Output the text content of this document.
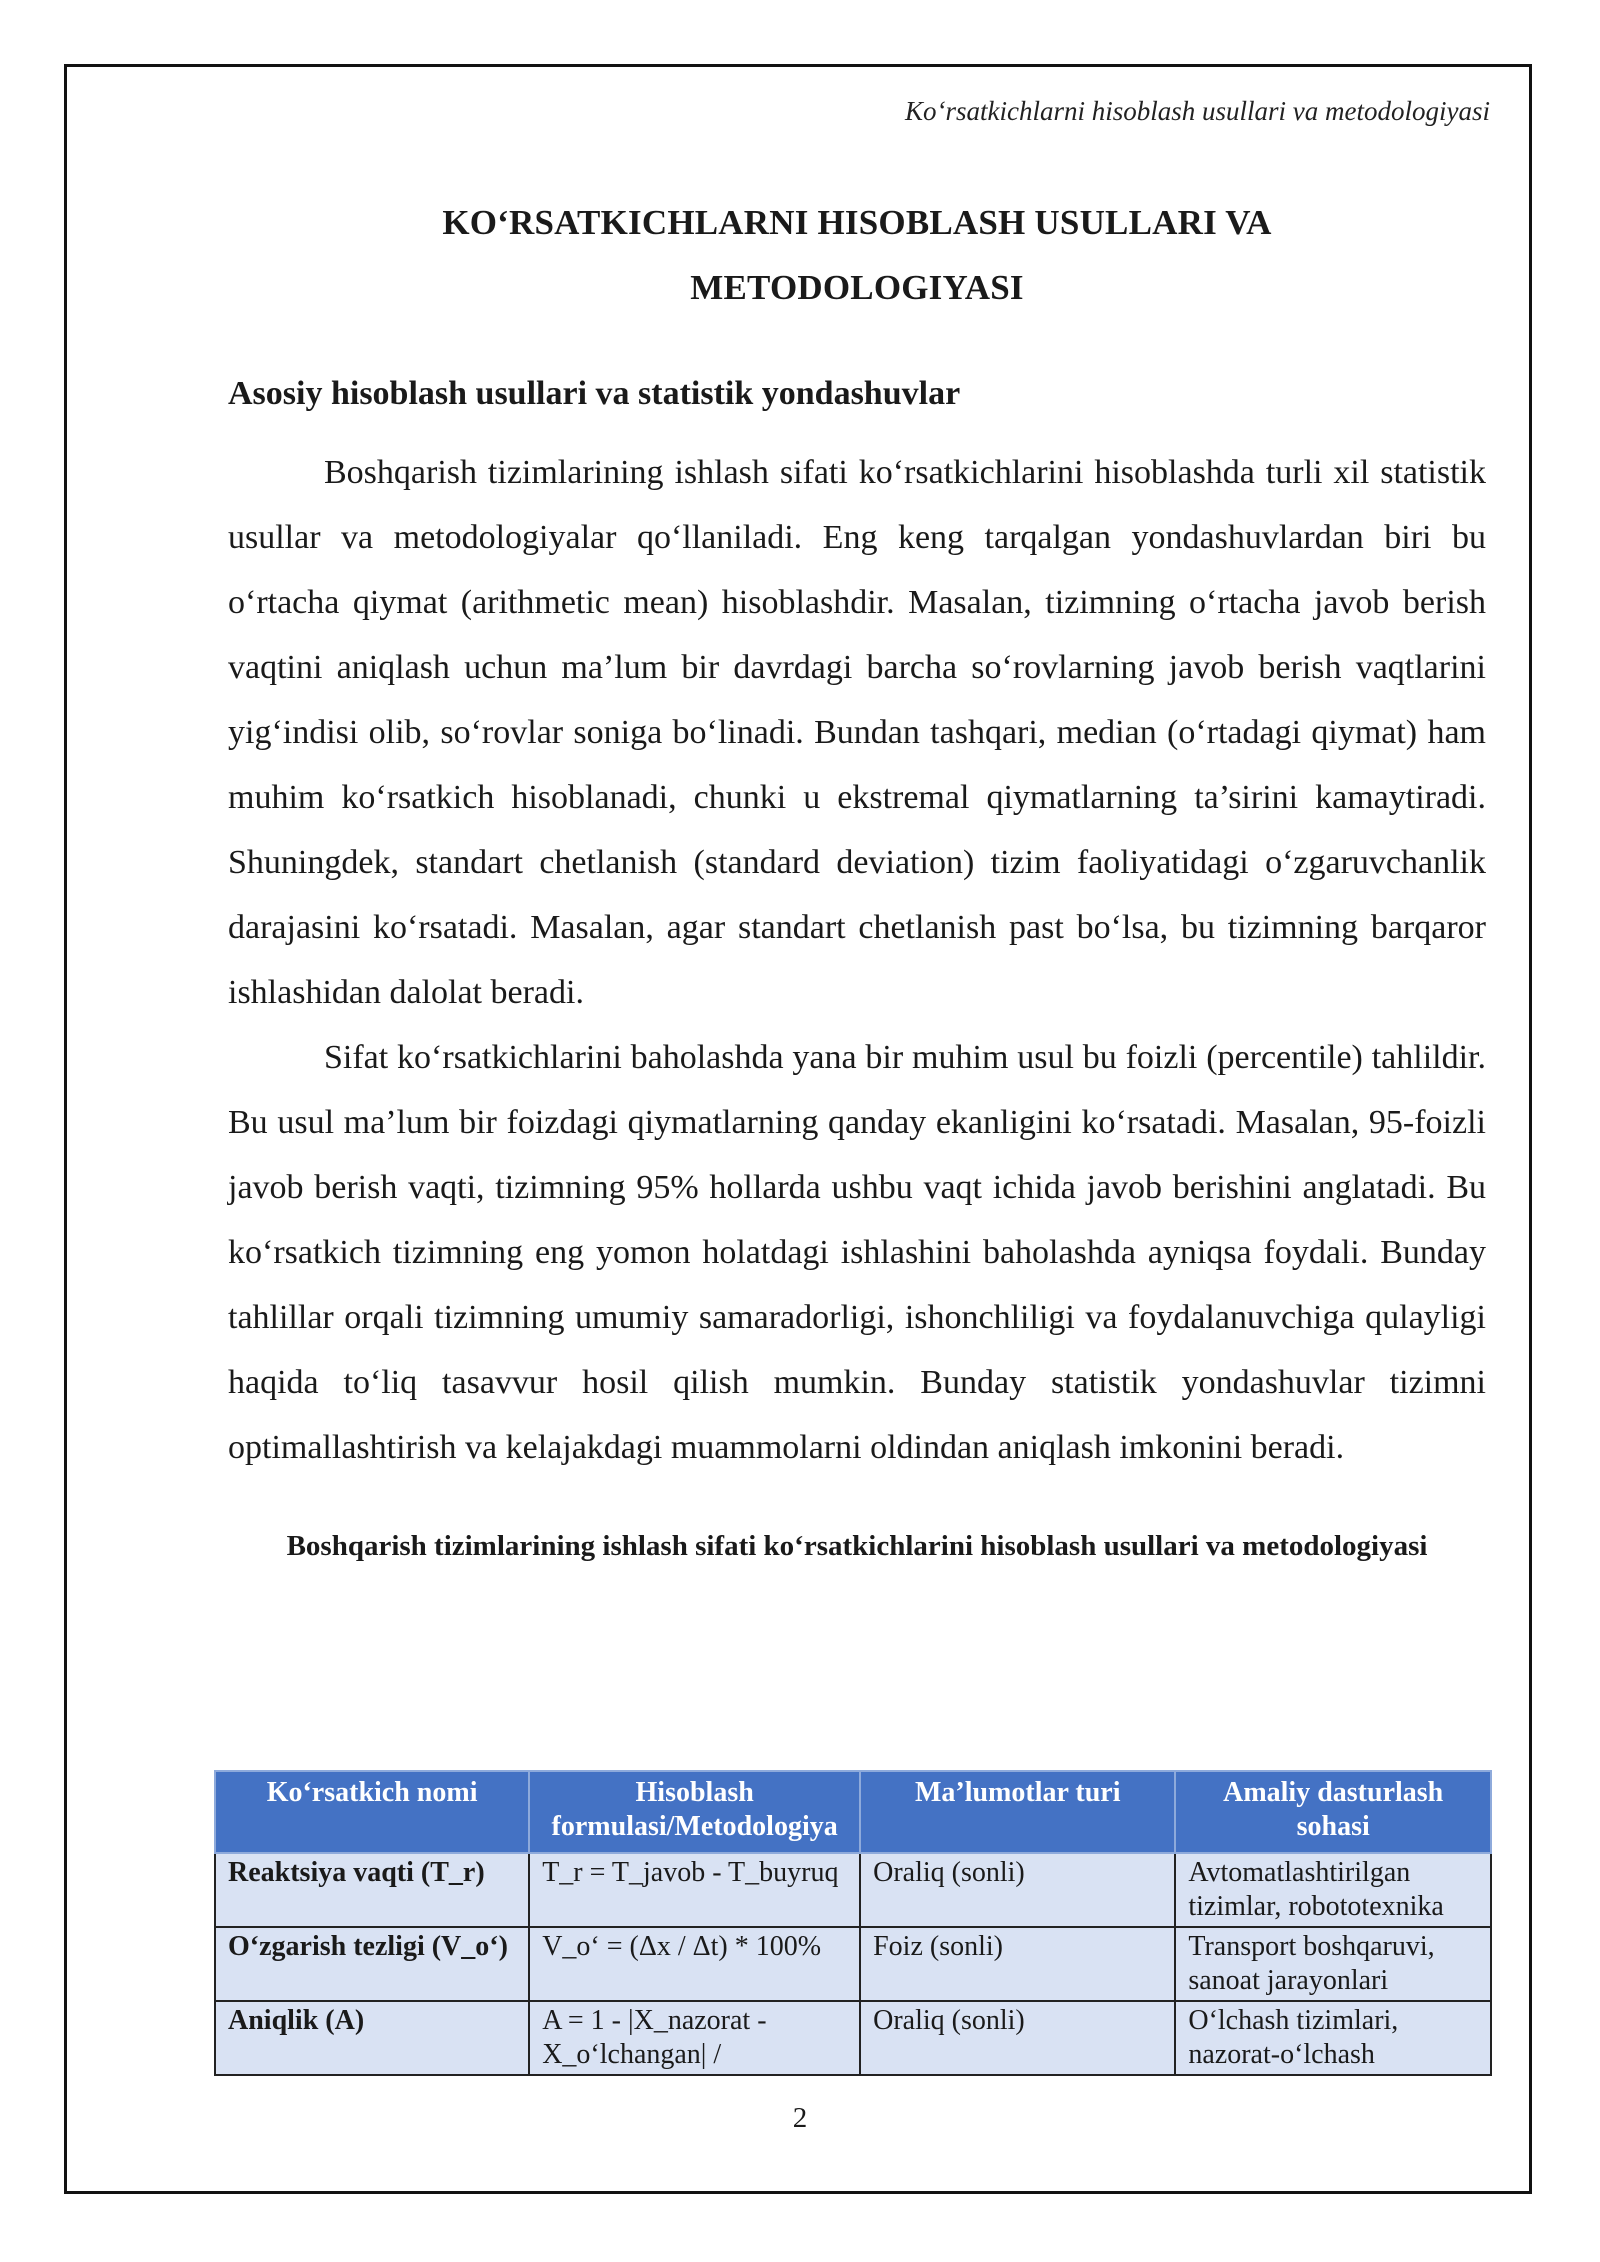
Ko‘rsatkichlarni hisoblash usullari va metodologiyasi
KO‘RSATKICHLARNI HISOBLASH USULLARI VA
METODOLOGIYASI
Asosiy hisoblash usullari va statistik yondashuvlar

Boshqarish tizimlarining ishlash sifati ko‘rsatkichlarini hisoblashda turli xil statistik usullar va metodologiyalar qo‘llaniladi. Eng keng tarqalgan yondashuvlardan biri bu o‘rtacha qiymat (arithmetic mean) hisoblashdir. Masalan, tizimning o‘rtacha javob berish vaqtini aniqlash uchun ma’lum bir davrdagi barcha so‘rovlarning javob berish vaqtlarini yig‘indisi olib, so‘rovlar soniga bo‘linadi. Bundan tashqari, median (o‘rtadagi qiymat) ham muhim ko‘rsatkich hisoblanadi, chunki u ekstremal qiymatlarning ta’sirini kamaytiradi. Shuningdek, standart chetlanish (standard deviation) tizim faoliyatidagi o‘zgaruvchanlik darajasini ko‘rsatadi. Masalan, agar standart chetlanish past bo‘lsa, bu tizimning barqaror ishlashidan dalolat beradi.

Sifat ko‘rsatkichlarini baholashda yana bir muhim usul bu foizli (percentile) tahlildir. Bu usul ma’lum bir foizdagi qiymatlarning qanday ekanligini ko‘rsatadi. Masalan, 95-foizli javob berish vaqti, tizimning 95% hollarda ushbu vaqt ichida javob berishini anglatadi. Bu ko‘rsatkich tizimning eng yomon holatdagi ishlashini baholashda ayniqsa foydali. Bunday tahlillar orqali tizimning umumiy samaradorligi, ishonchliligi va foydalanuvchiga qulayligi haqida to‘liq tasavvur hosil qilish mumkin. Bunday statistik yondashuvlar tizimni optimallashtirish va kelajakdagi muammolarni oldindan aniqlash imkonini beradi.

Boshqarish tizimlarining ishlash sifati ko‘rsatkichlarini hisoblash usullari va metodologiyasi
Ko‘rsatkich nomi	Hisoblash formulasi/Metodologiya	Ma’lumotlar turi	Amaliy dasturlash sohasi
Reaktsiya vaqti (T_r)	T_r = T_javob - T_buyruq	Oraliq (sonli)	Avtomatlashtirilgan tizimlar, robototexnika
O‘zgarish tezligi (V_o‘)	V_o‘ = (Δx / Δt) * 100%	Foiz (sonli)	Transport boshqaruvi, sanoat jarayonlari
Aniqlik (A)	A = 1 - |X_nazorat - X_o‘lchangan| /	Oraliq (sonli)	O‘lchash tizimlari, nazorat-o‘lchash
2
